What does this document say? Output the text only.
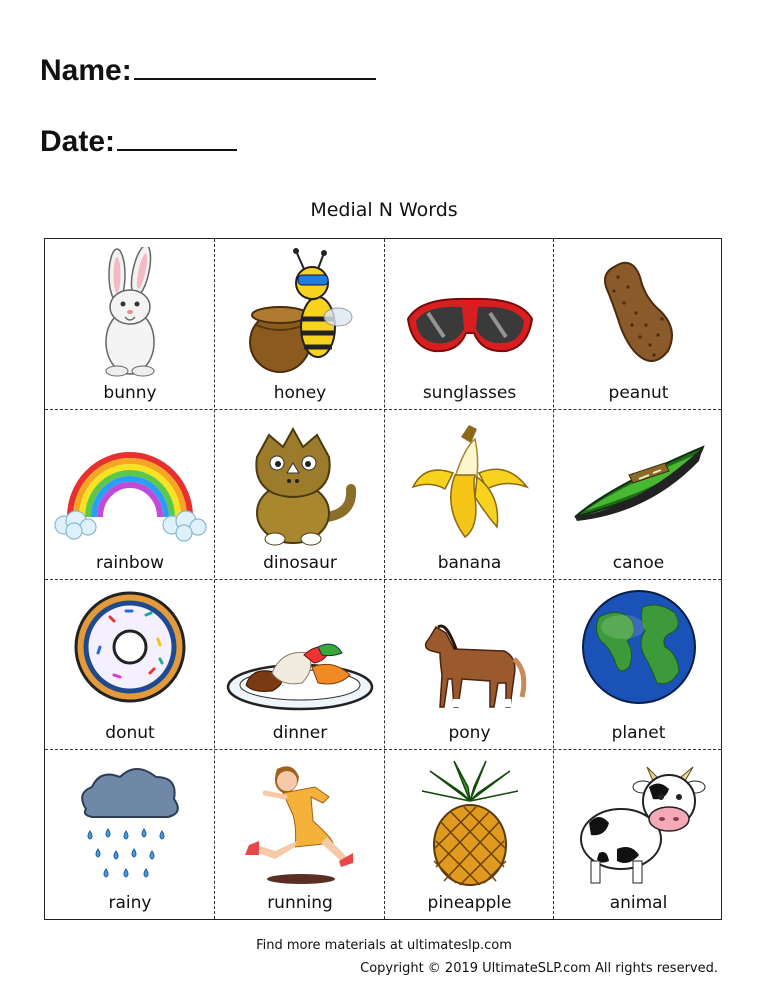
Name:
Date:
Medial N Words
bunny	honey	sunglasses	peanut
rainbow	dinosaur	banana	canoe
donut	dinner	pony	planet
rainy	running	pineapple	animal
Find more materials at ultimateslp.com
Copyright © 2019 UltimateSLP.com All rights reserved.
